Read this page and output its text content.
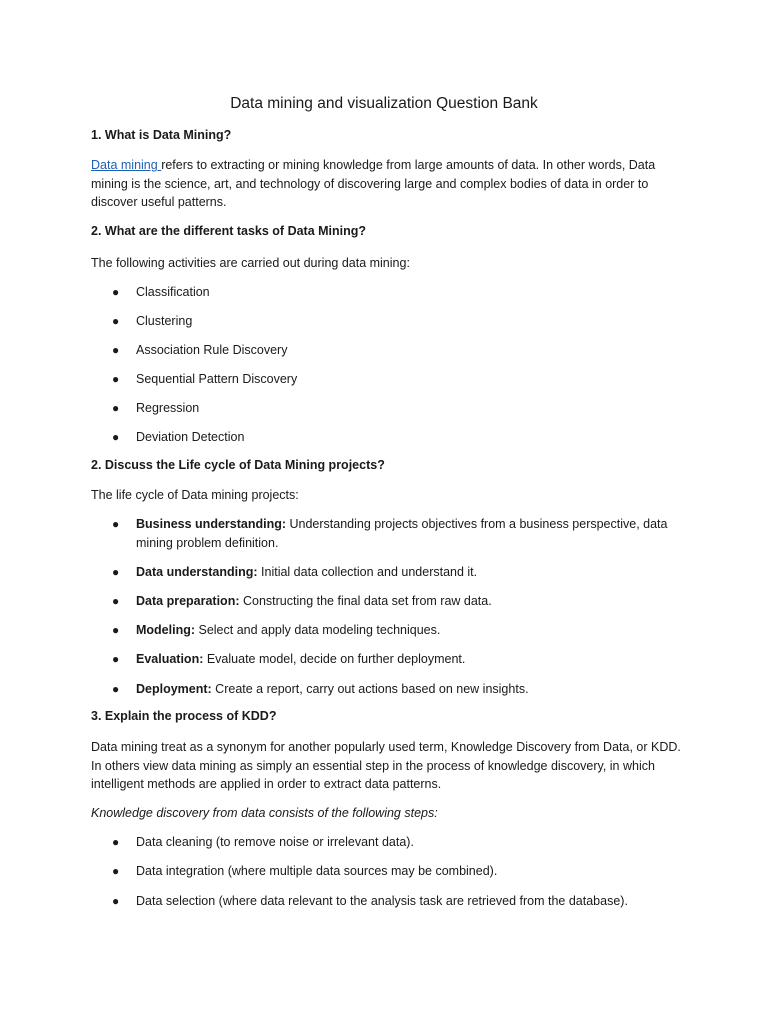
Data mining and visualization Question Bank

1. What is Data Mining?

Data mining refers to extracting or mining knowledge from large amounts of data. In other words, Data mining is the science, art, and technology of discovering large and complex bodies of data in order to discover useful patterns.

2. What are the different tasks of Data Mining?

The following activities are carried out during data mining:

● Classification

● Clustering

● Association Rule Discovery

● Sequential Pattern Discovery

● Regression

● Deviation Detection

2. Discuss the Life cycle of Data Mining projects?

The life cycle of Data mining projects:

● Business understanding: Understanding projects objectives from a business perspective, data mining problem definition.

● Data understanding: Initial data collection and understand it.

● Data preparation: Constructing the final data set from raw data.

● Modeling: Select and apply data modeling techniques.

● Evaluation: Evaluate model, decide on further deployment.

● Deployment: Create a report, carry out actions based on new insights.

3. Explain the process of KDD?

Data mining treat as a synonym for another popularly used term, Knowledge Discovery from Data, or KDD. In others view data mining as simply an essential step in the process of knowledge discovery, in which intelligent methods are applied in order to extract data patterns.

Knowledge discovery from data consists of the following steps:

● Data cleaning (to remove noise or irrelevant data).

● Data integration (where multiple data sources may be combined).

● Data selection (where data relevant to the analysis task are retrieved from the database).
